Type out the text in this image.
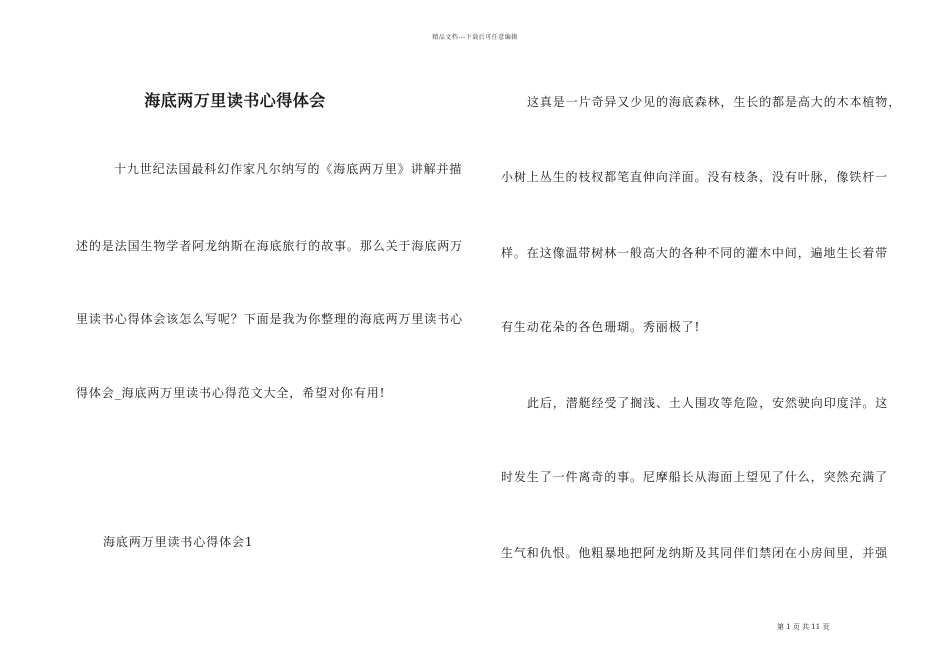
精品文档---下载后可任意编辑
海底两万里读书心得体会
十九世纪法国最科幻作家凡尔纳写的《海底两万里》讲解并描
述的是法国生物学者阿龙纳斯在海底旅行的故事。那么关于海底两万
里读书心得体会该怎么写呢？下面是我为你整理的海底两万里读书心
得体会_海底两万里读书心得范文大全，希望对你有用!
海底两万里读书心得体会1
这真是一片奇异又少见的海底森林，生长的都是高大的木本植物，
小树上丛生的枝杈都笔直伸向洋面。没有枝条，没有叶脉，像铁杆一
样。在这像温带树林一般高大的各种不同的灌木中间，遍地生长着带
有生动花朵的各色珊瑚。秀丽极了!
此后，潜艇经受了搁浅、土人围攻等危险，安然驶向印度洋。这
时发生了一件离奇的事。尼摩船长从海面上望见了什么，突然充满了
生气和仇恨。他粗暴地把阿龙纳斯及其同伴们禁闭在小房间里，并强
第 1 页 共 11 页
